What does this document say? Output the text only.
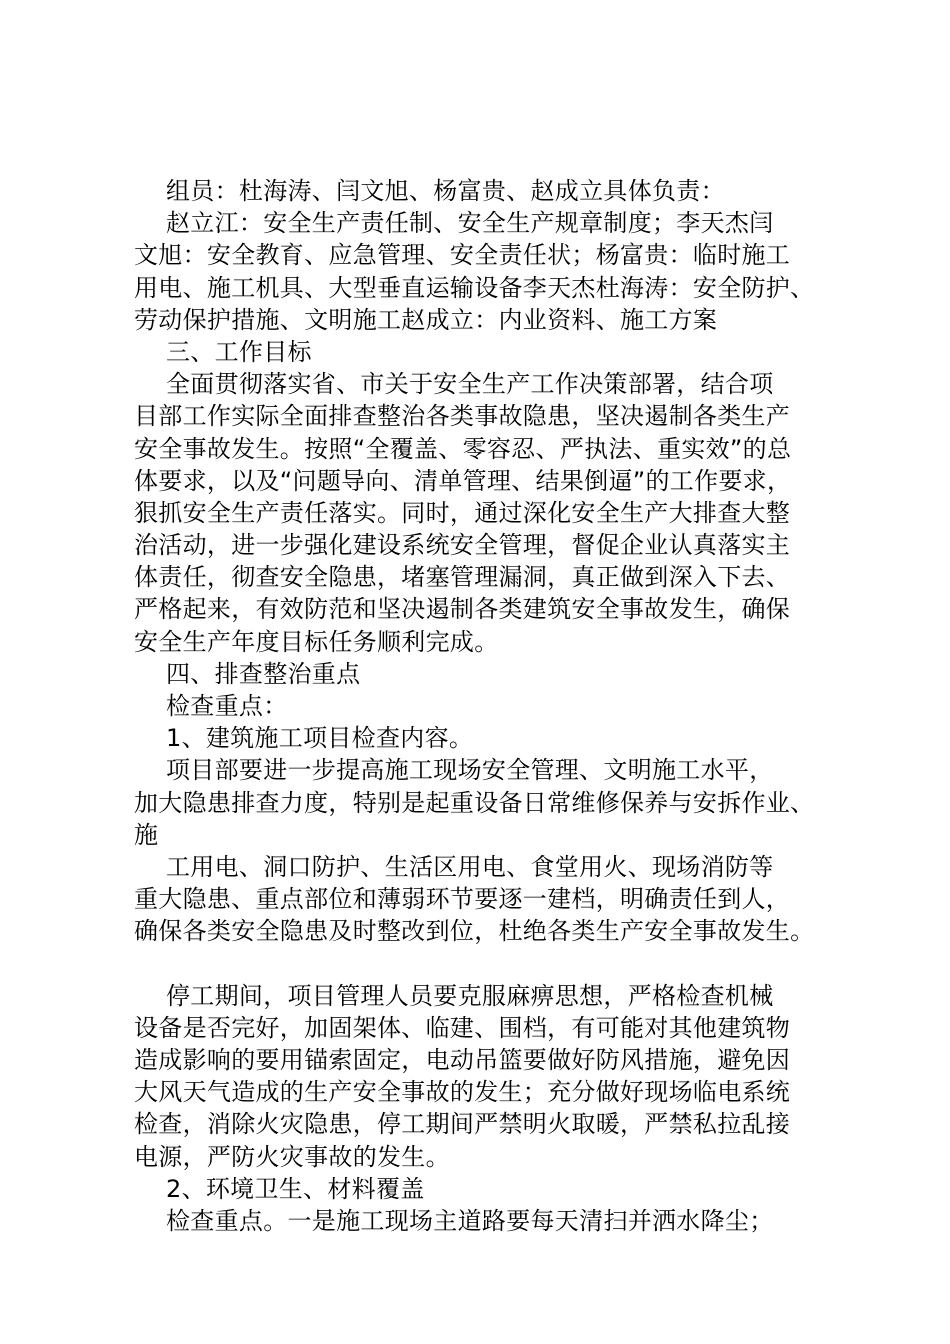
组员：杜海涛、闫文旭、杨富贵、赵成立具体负责：
赵立江：安全生产责任制、安全生产规章制度；李天杰闫
文旭：安全教育、应急管理、安全责任状；杨富贵：临时施工
用电、施工机具、大型垂直运输设备李天杰杜海涛：安全防护、
劳动保护措施、文明施工赵成立：内业资料、施工方案
三、工作目标
全面贯彻落实省、市关于安全生产工作决策部署，结合项
目部工作实际全面排查整治各类事故隐患，坚决遏制各类生产
安全事故发生。按照“全覆盖、零容忍、严执法、重实效”的总
体要求，以及“问题导向、清单管理、结果倒逼”的工作要求，
狠抓安全生产责任落实。同时，通过深化安全生产大排查大整
治活动，进一步强化建设系统安全管理，督促企业认真落实主
体责任，彻查安全隐患，堵塞管理漏洞，真正做到深入下去、
严格起来，有效防范和坚决遏制各类建筑安全事故发生，确保
安全生产年度目标任务顺利完成。
四、排查整治重点
检查重点：
1、建筑施工项目检查内容。
项目部要进一步提高施工现场安全管理、文明施工水平，
加大隐患排查力度，特别是起重设备日常维修保养与安拆作业、
施
工用电、洞口防护、生活区用电、食堂用火、现场消防等
重大隐患、重点部位和薄弱环节要逐一建档，明确责任到人，
确保各类安全隐患及时整改到位，杜绝各类生产安全事故发生。
停工期间，项目管理人员要克服麻痹思想，严格检查机械
设备是否完好，加固架体、临建、围档，有可能对其他建筑物
造成影响的要用锚索固定，电动吊篮要做好防风措施，避免因
大风天气造成的生产安全事故的发生；充分做好现场临电系统
检查，消除火灾隐患，停工期间严禁明火取暖，严禁私拉乱接
电源，严防火灾事故的发生。
2、环境卫生、材料覆盖
检查重点。一是施工现场主道路要每天清扫并洒水降尘；
